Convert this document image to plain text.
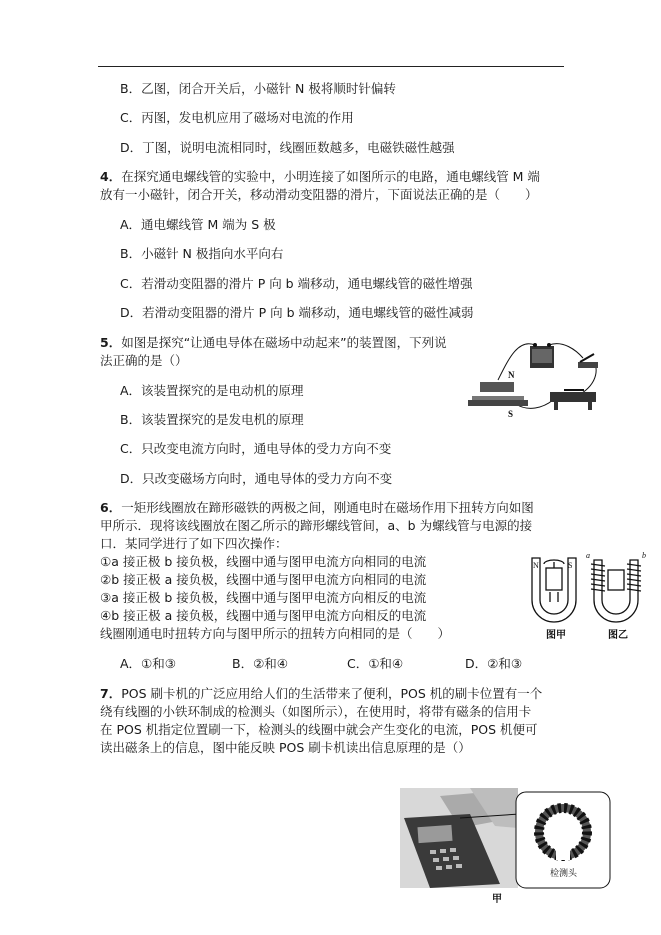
B．乙图，闭合开关后，小磁针 N 极将顺时针偏转
C．丙图，发电机应用了磁场对电流的作用
D．丁图，说明电流相同时，线圈匝数越多，电磁铁磁性越强
4．在探究通电螺线管的实验中，小明连接了如图所示的电路，通电螺线管 M 端
放有一小磁针，闭合开关，移动滑动变阻器的滑片，下面说法正确的是（　　）
A．通电螺线管 M 端为 S 极
B．小磁针 N 极指向水平向右
C．若滑动变阻器的滑片 P 向 b 端移动，通电螺线管的磁性增强
D．若滑动变阻器的滑片 P 向 b 端移动，通电螺线管的磁性减弱
5．如图是探究“让通电导体在磁场中动起来”的装置图，下列说
法正确的是（）
A．该装置探究的是电动机的原理
B．该装置探究的是发电机的原理
C．只改变电流方向时，通电导体的受力方向不变
D．只改变磁场方向时，通电导体的受力方向不变
N
S
6．一矩形线圈放在蹄形磁铁的两极之间，刚通电时在磁场作用下扭转方向如图
甲所示．现将该线圈放在图乙所示的蹄形螺线管间，a、b 为螺线管与电源的接
口．某同学进行了如下四次操作：
①a 接正极 b 接负极，线圈中通与图甲电流方向相同的电流
②b 接正极 a 接负极，线圈中通与图甲电流方向相同的电流
③a 接正极 b 接负极，线圈中通与图甲电流方向相反的电流
④b 接正极 a 接负极，线圈中通与图甲电流方向相反的电流
线圈刚通电时扭转方向与图甲所示的扭转方向相同的是（　　）
A．①和③	B．②和④	C．①和④	D．②和③
N	S
a	b
图甲	图乙
7．POS 刷卡机的广泛应用给人们的生活带来了便利，POS 机的刷卡位置有一个
绕有线圈的小铁环制成的检测头（如图所示），在使用时，将带有磁条的信用卡
在 POS 机指定位置刷一下，检测头的线圈中就会产生变化的电流，POS 机便可
读出磁条上的信息，图中能反映 POS 刷卡机读出信息原理的是（）
检测头
甲
